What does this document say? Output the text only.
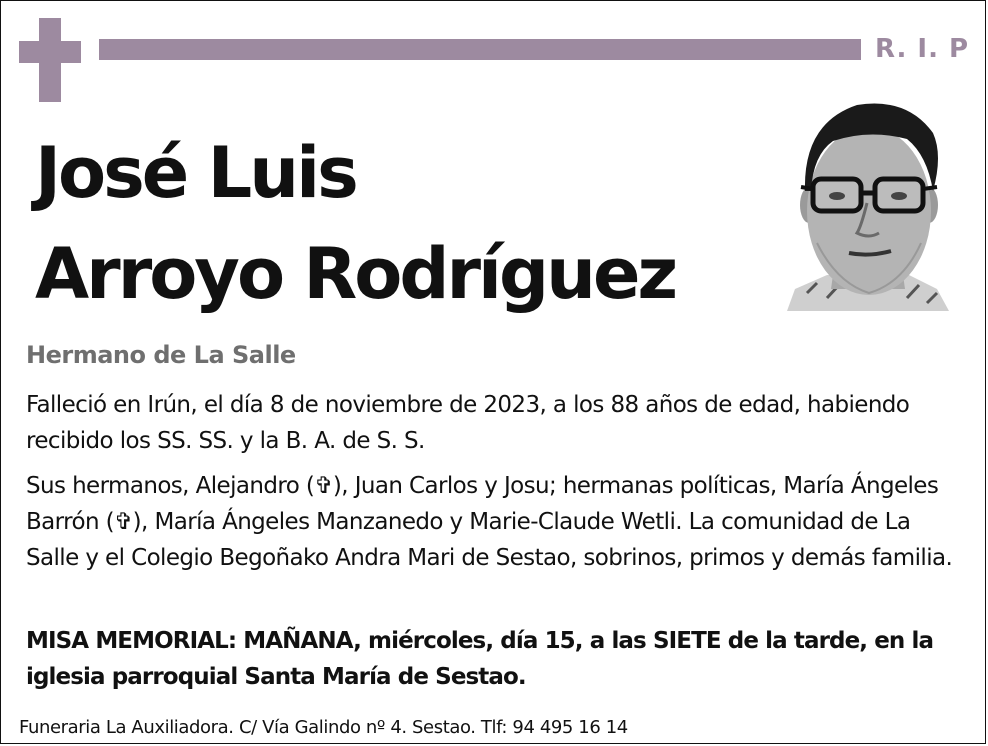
R. I. P
José Luis
Arroyo Rodríguez
Hermano de La Salle
Falleció en Irún, el día 8 de noviembre de 2023, a los 88 años de edad, habiendo recibido los SS. SS. y la B. A. de S. S.
Sus hermanos, Alejandro (✞), Juan Carlos y Josu; hermanas políticas, María Ángeles Barrón (✞), María Ángeles Manzanedo y Marie-Claude Wetli. La comunidad de La Salle y el Colegio Begoñako Andra Mari de Sestao, sobrinos, primos y demás familia.
MISA MEMORIAL: MAÑANA, miércoles, día 15, a las SIETE de la tarde, en la iglesia parroquial Santa María de Sestao.
Funeraria La Auxiliadora. C/ Vía Galindo nº 4. Sestao. Tlf: 94 495 16 14
